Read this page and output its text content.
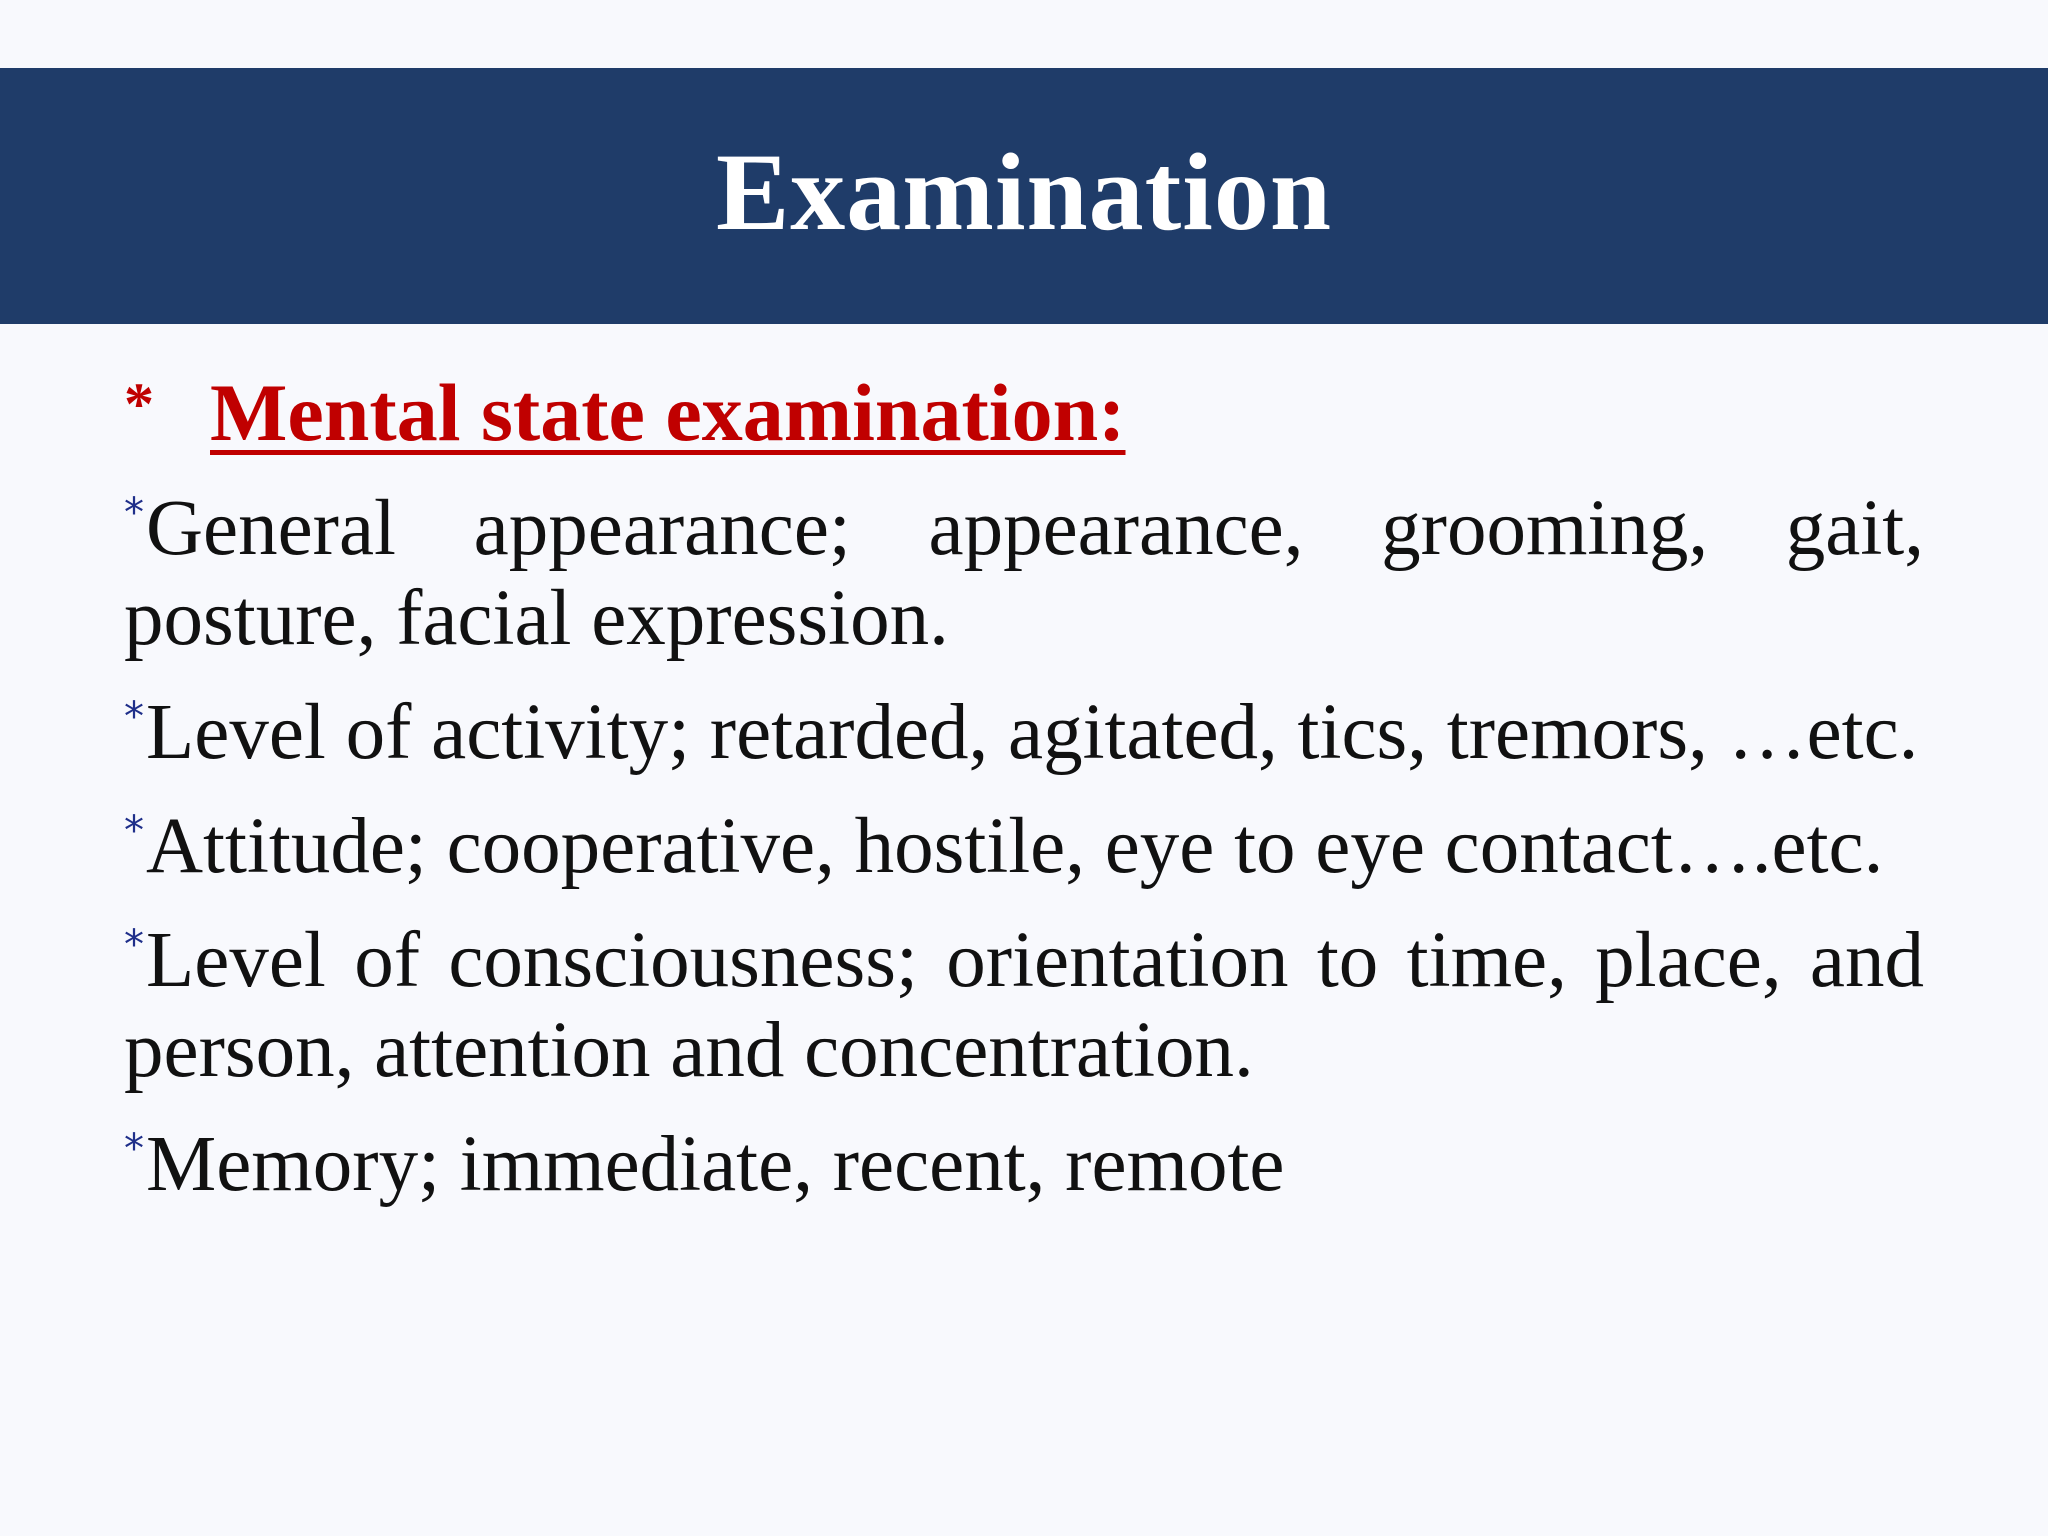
Examination
* Mental state examination:
*General appearance; appearance, grooming, gait, posture, facial expression.
*Level of activity; retarded, agitated, tics, tremors, …etc.
*Attitude; cooperative, hostile, eye to eye contact….etc.
*Level of consciousness; orientation to time, place, and person, attention and concentration.
*Memory; immediate, recent, remote
